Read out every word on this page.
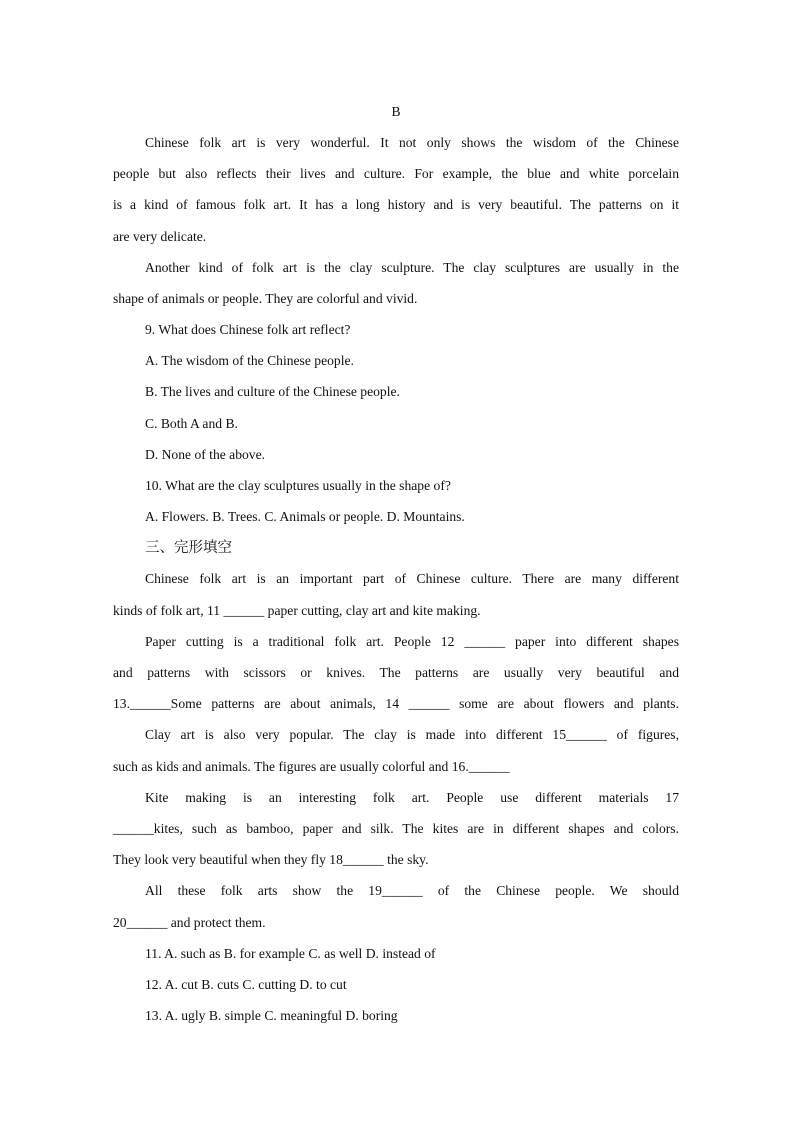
B
Chinese folk art is very wonderful. It not only shows the wisdom of the Chinese
people but also reflects their lives and culture. For example, the blue and white porcelain
is a kind of famous folk art. It has a long history and is very beautiful. The patterns on it
are very delicate.
Another kind of folk art is the clay sculpture. The clay sculptures are usually in the
shape of animals or people. They are colorful and vivid.
9. What does Chinese folk art reflect?
A. The wisdom of the Chinese people.
B. The lives and culture of the Chinese people.
C. Both A and B.
D. None of the above.
10. What are the clay sculptures usually in the shape of?
A. Flowers. B. Trees. C. Animals or people. D. Mountains.
三、完形填空
Chinese folk art is an important part of Chinese culture. There are many different
kinds of folk art, 11 ______ paper cutting, clay art and kite making.
Paper cutting is a traditional folk art. People 12 ______ paper into different shapes
and patterns with scissors or knives. The patterns are usually very beautiful and
13.______Some patterns are about animals, 14 ______ some are about flowers and plants.
Clay art is also very popular. The clay is made into different 15______ of figures,
such as kids and animals. The figures are usually colorful and 16.______
Kite making is an interesting folk art. People use different materials 17
______kites, such as bamboo, paper and silk. The kites are in different shapes and colors.
They look very beautiful when they fly 18______ the sky.
All these folk arts show the 19______ of the Chinese people. We should
20______ and protect them.
11. A. such as B. for example C. as well D. instead of
12. A. cut B. cuts C. cutting D. to cut
13. A. ugly B. simple C. meaningful D. boring
